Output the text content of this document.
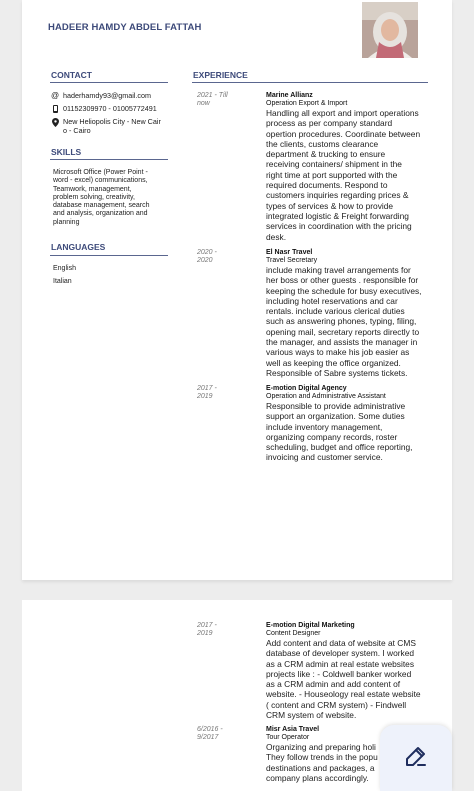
HADEER HAMDY ABDEL FATTAH
CONTACT
@ haderhamdy93@gmail.com
01152309970 - 01005772491
New Heliopolis City - New Cair
o - Cairo
SKILLS
Microsoft Office (Power Point -
word - excel) communications,
Teamwork, management,
problem solving, creativity,
database management, search
and analysis, organization and
planning
LANGUAGES
English
Italian
EXPERIENCE
2021 - Till
now
Marine Allianz
Operation Export & Import
Handling all export and import operations
process as per company standard
opertion procedures. Coordinate between
the clients, customs clearance
department & trucking to ensure
receiving containers/ shipment in the
right time at port supported with the
required documents. Respond to
customers inquiries regarding prices &
types of services & how to provide
integrated logistic & Freight forwarding
services in coordination with the pricing
desk.
2020 -
2020
El Nasr Travel
Travel Secretary
include making travel arrangements for
her boss or other guests . responsible for
keeping the schedule for busy executives,
including hotel reservations and car
rentals. include various clerical duties
such as answering phones, typing, filing,
opening mail, secretary reports directly to
the manager, and assists the manager in
various ways to make his job easier as
well as keeping the office organized.
Responsible of Sabre systems tickets.
2017 -
2019
E-motion Digital Agency
Operation and Administrative Assistant
Responsible to provide administrative
support an organization. Some duties
include inventory management,
organizing company records, roster
scheduling, budget and office reporting,
invoicing and customer service.
2017 -
2019
E-motion Digital Marketing
Content Designer
Add content and data of website at CMS
database of developer system. I worked
as a CRM admin at real estate websites
projects like : - Coldwell banker worked
as a CRM admin and add content of
website. - Houseology real estate website
( content and CRM system) - Findwell
CRM system of website.
6/2016 -
9/2017
Misr Asia Travel
Tour Operator
Organizing and preparing holi
They follow trends in the popu
destinations and packages, a
company plans accordingly.
